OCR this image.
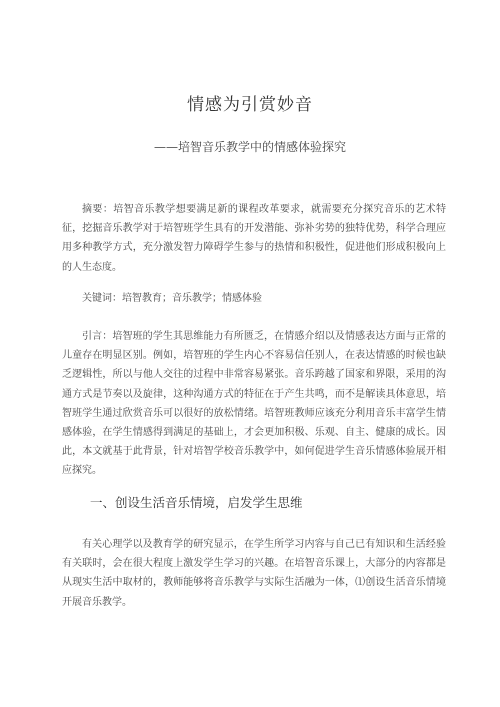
情感为引赏妙音

——培智音乐教学中的情感体验探究

摘要：培智音乐教学想要满足新的课程改革要求，就需要充分探究音乐的艺术特征，挖掘音乐教学对于培智班学生具有的开发潜能、弥补劣势的独特优势，科学合理应用多种教学方式，充分激发智力障碍学生参与的热情和积极性，促进他们形成积极向上的人生态度。

关键词：培智教育；音乐教学；情感体验

引言：培智班的学生其思维能力有所匮乏，在情感介绍以及情感表达方面与正常的儿童存在明显区别。例如，培智班的学生内心不容易信任别人，在表达情感的时候也缺乏逻辑性，所以与他人交往的过程中非常容易紧张。音乐跨越了国家和界限，采用的沟通方式是节奏以及旋律，这种沟通方式的特征在于产生共鸣，而不是解读具体意思，培智班学生通过欣赏音乐可以很好的放松情绪。培智班教师应该充分利用音乐丰富学生情感体验，在学生情感得到满足的基础上，才会更加积极、乐观、自主、健康的成长。因此，本文就基于此背景，针对培智学校音乐教学中，如何促进学生音乐情感体验展开相应探究。

一、创设生活音乐情境，启发学生思维

有关心理学以及教育学的研究显示，在学生所学习内容与自己已有知识和生活经验有关联时，会在很大程度上激发学生学习的兴趣。在培智音乐课上，大部分的内容都是从现实生活中取材的，教师能够将音乐教学与实际生活融为一体，⑴创设生活音乐情境开展音乐教学。
